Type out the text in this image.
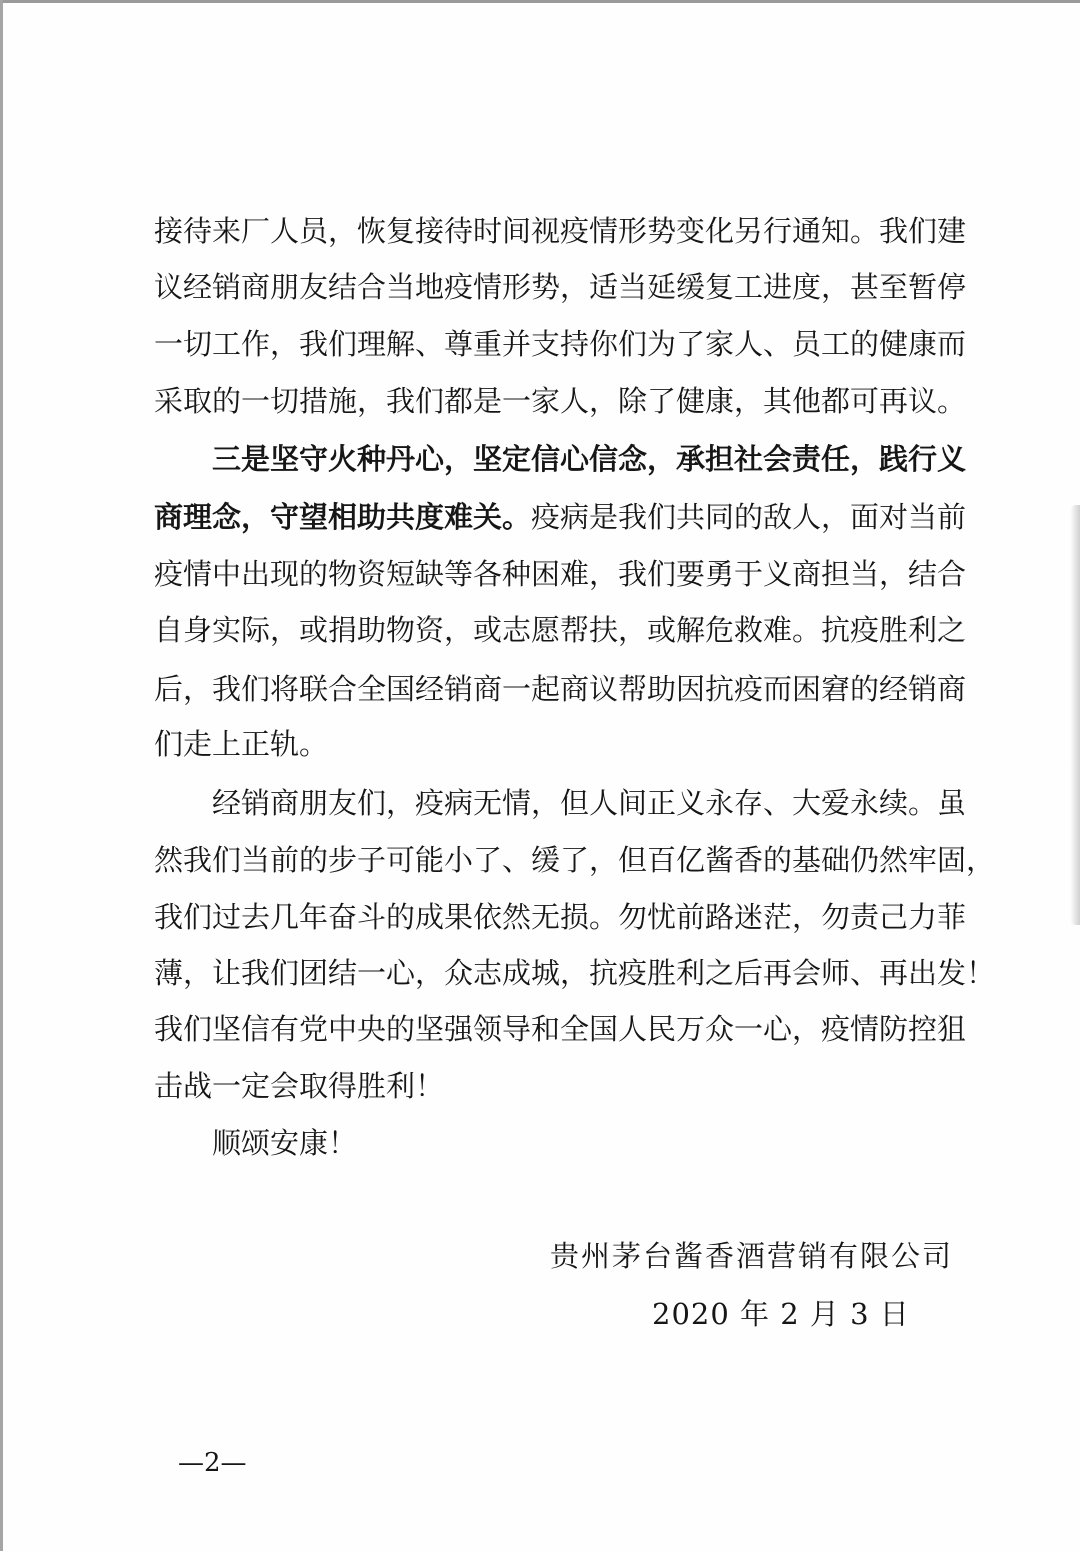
接待来厂人员，恢复接待时间视疫情形势变化另行通知。我们建
议经销商朋友结合当地疫情形势，适当延缓复工进度，甚至暂停
一切工作，我们理解、尊重并支持你们为了家人、员工的健康而
采取的一切措施，我们都是一家人，除了健康，其他都可再议。
三是坚守火种丹心，坚定信心信念，承担社会责任，践行义
商理念，守望相助共度难关。疫病是我们共同的敌人，面对当前
疫情中出现的物资短缺等各种困难，我们要勇于义商担当，结合
自身实际，或捐助物资，或志愿帮扶，或解危救难。抗疫胜利之
后，我们将联合全国经销商一起商议帮助因抗疫而困窘的经销商
们走上正轨。
经销商朋友们，疫病无情，但人间正义永存、大爱永续。虽
然我们当前的步子可能小了、缓了，但百亿酱香的基础仍然牢固，
我们过去几年奋斗的成果依然无损。勿忧前路迷茫，勿责己力菲
薄，让我们团结一心，众志成城，抗疫胜利之后再会师、再出发！
我们坚信有党中央的坚强领导和全国人民万众一心，疫情防控狙
击战一定会取得胜利！
顺颂安康！
贵州茅台酱香酒营销有限公司
2020 年 2 月 3 日
—2—
